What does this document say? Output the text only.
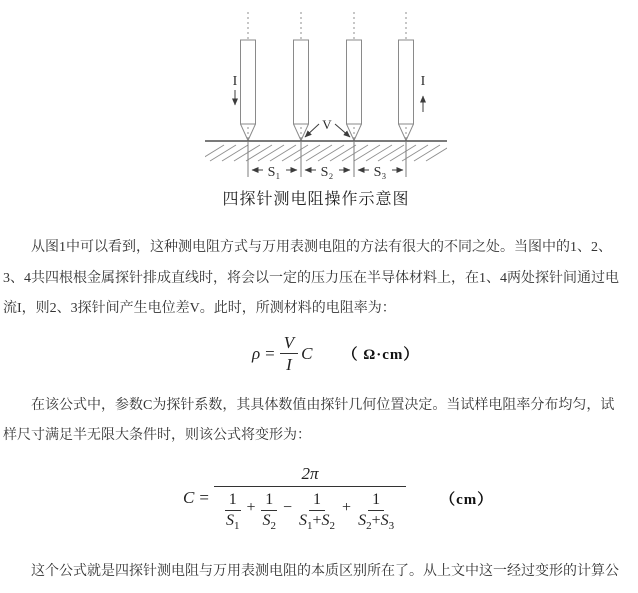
I	I
V
S₁	S₂	S₃
四探针测电阻操作示意图
从图1中可以看到，这种测电阻方式与万用表测电阻的方法有很大的不同之处。当图中的1、2、
3、4共四根根金属探针排成直线时，将会以一定的压力压在半导体材料上，在1、4两处探针间通过电
流I，则2、3探针间产生电位差V。此时，所测材料的电阻率为：
$\rho = \frac{V}{I}$ C （ Ω·cm）
在该公式中，参数C为探针系数，其具体数值由探针几何位置决定。当试样电阻率分布均匀，试
样尺寸满足半无限大条件时，则该公式将变形为：
C =
2π
$\frac{1}{S_1} + \frac{1}{S_2} - \frac{1}{S_1+S_2} + \frac{1}{S_2+S_3}$	（cm）
这个公式就是四探针测电阻与万用表测电阻的本质区别所在了。从上文中这一经过变形的计算公
